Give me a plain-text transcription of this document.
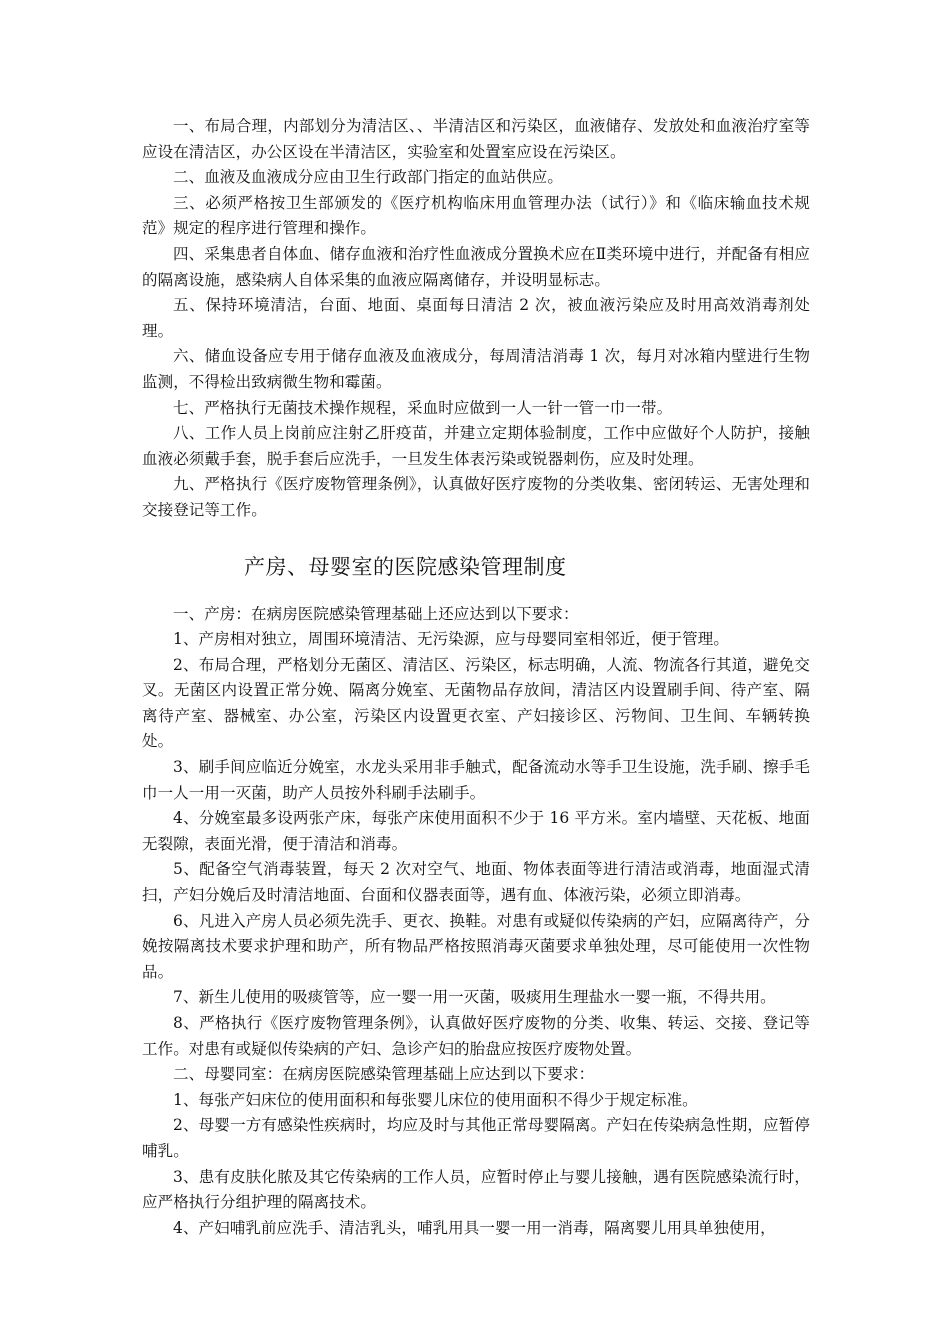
一、布局合理，内部划分为清洁区、、半清洁区和污染区，血液储存、发放处和血液治疗室等应设在清洁区，办公区设在半清洁区，实验室和处置室应设在污染区。

二、血液及血液成分应由卫生行政部门指定的血站供应。

三、必须严格按卫生部颁发的《医疗机构临床用血管理办法（试行）》和《临床输血技术规范》规定的程序进行管理和操作。

四、采集患者自体血、储存血液和治疗性血液成分置换术应在Ⅱ类环境中进行，并配备有相应的隔离设施，感染病人自体采集的血液应隔离储存，并设明显标志。

五、保持环境清洁，台面、地面、桌面每日清洁 2 次，被血液污染应及时用高效消毒剂处理。

六、储血设备应专用于储存血液及血液成分，每周清洁消毒 1 次，每月对冰箱内壁进行生物监测，不得检出致病微生物和霉菌。

七、严格执行无菌技术操作规程，采血时应做到一人一针一管一巾一带。

八、工作人员上岗前应注射乙肝疫苗，并建立定期体验制度，工作中应做好个人防护，接触血液必须戴手套，脱手套后应洗手，一旦发生体表污染或锐器刺伤，应及时处理。

九、严格执行《医疗废物管理条例》，认真做好医疗废物的分类收集、密闭转运、无害处理和交接登记等工作。

产房、母婴室的医院感染管理制度

一、产房：在病房医院感染管理基础上还应达到以下要求：

1、产房相对独立，周围环境清洁、无污染源，应与母婴同室相邻近，便于管理。

2、布局合理，严格划分无菌区、清洁区、污染区，标志明确，人流、物流各行其道，避免交叉。无菌区内设置正常分娩、隔离分娩室、无菌物品存放间，清洁区内设置刷手间、待产室、隔离待产室、器械室、办公室，污染区内设置更衣室、产妇接诊区、污物间、卫生间、车辆转换处。

3、刷手间应临近分娩室，水龙头采用非手触式，配备流动水等手卫生设施，洗手刷、擦手毛巾一人一用一灭菌，助产人员按外科刷手法刷手。

4、分娩室最多设两张产床，每张产床使用面积不少于 16 平方米。室内墙壁、天花板、地面无裂隙，表面光滑，便于清洁和消毒。

5、配备空气消毒装置，每天 2 次对空气、地面、物体表面等进行清洁或消毒，地面湿式清扫，产妇分娩后及时清洁地面、台面和仪器表面等，遇有血、体液污染，必须立即消毒。

6、凡进入产房人员必须先洗手、更衣、换鞋。对患有或疑似传染病的产妇，应隔离待产，分娩按隔离技术要求护理和助产，所有物品严格按照消毒灭菌要求单独处理，尽可能使用一次性物品。

7、新生儿使用的吸痰管等，应一婴一用一灭菌，吸痰用生理盐水一婴一瓶，不得共用。

8、严格执行《医疗废物管理条例》，认真做好医疗废物的分类、收集、转运、交接、登记等工作。对患有或疑似传染病的产妇、急诊产妇的胎盘应按医疗废物处置。

二、母婴同室：在病房医院感染管理基础上应达到以下要求：

1、每张产妇床位的使用面积和每张婴儿床位的使用面积不得少于规定标准。

2、母婴一方有感染性疾病时，均应及时与其他正常母婴隔离。产妇在传染病急性期，应暂停哺乳。

3、患有皮肤化脓及其它传染病的工作人员，应暂时停止与婴儿接触，遇有医院感染流行时，应严格执行分组护理的隔离技术。

4、产妇哺乳前应洗手、清洁乳头，哺乳用具一婴一用一消毒，隔离婴儿用具单独使用，
